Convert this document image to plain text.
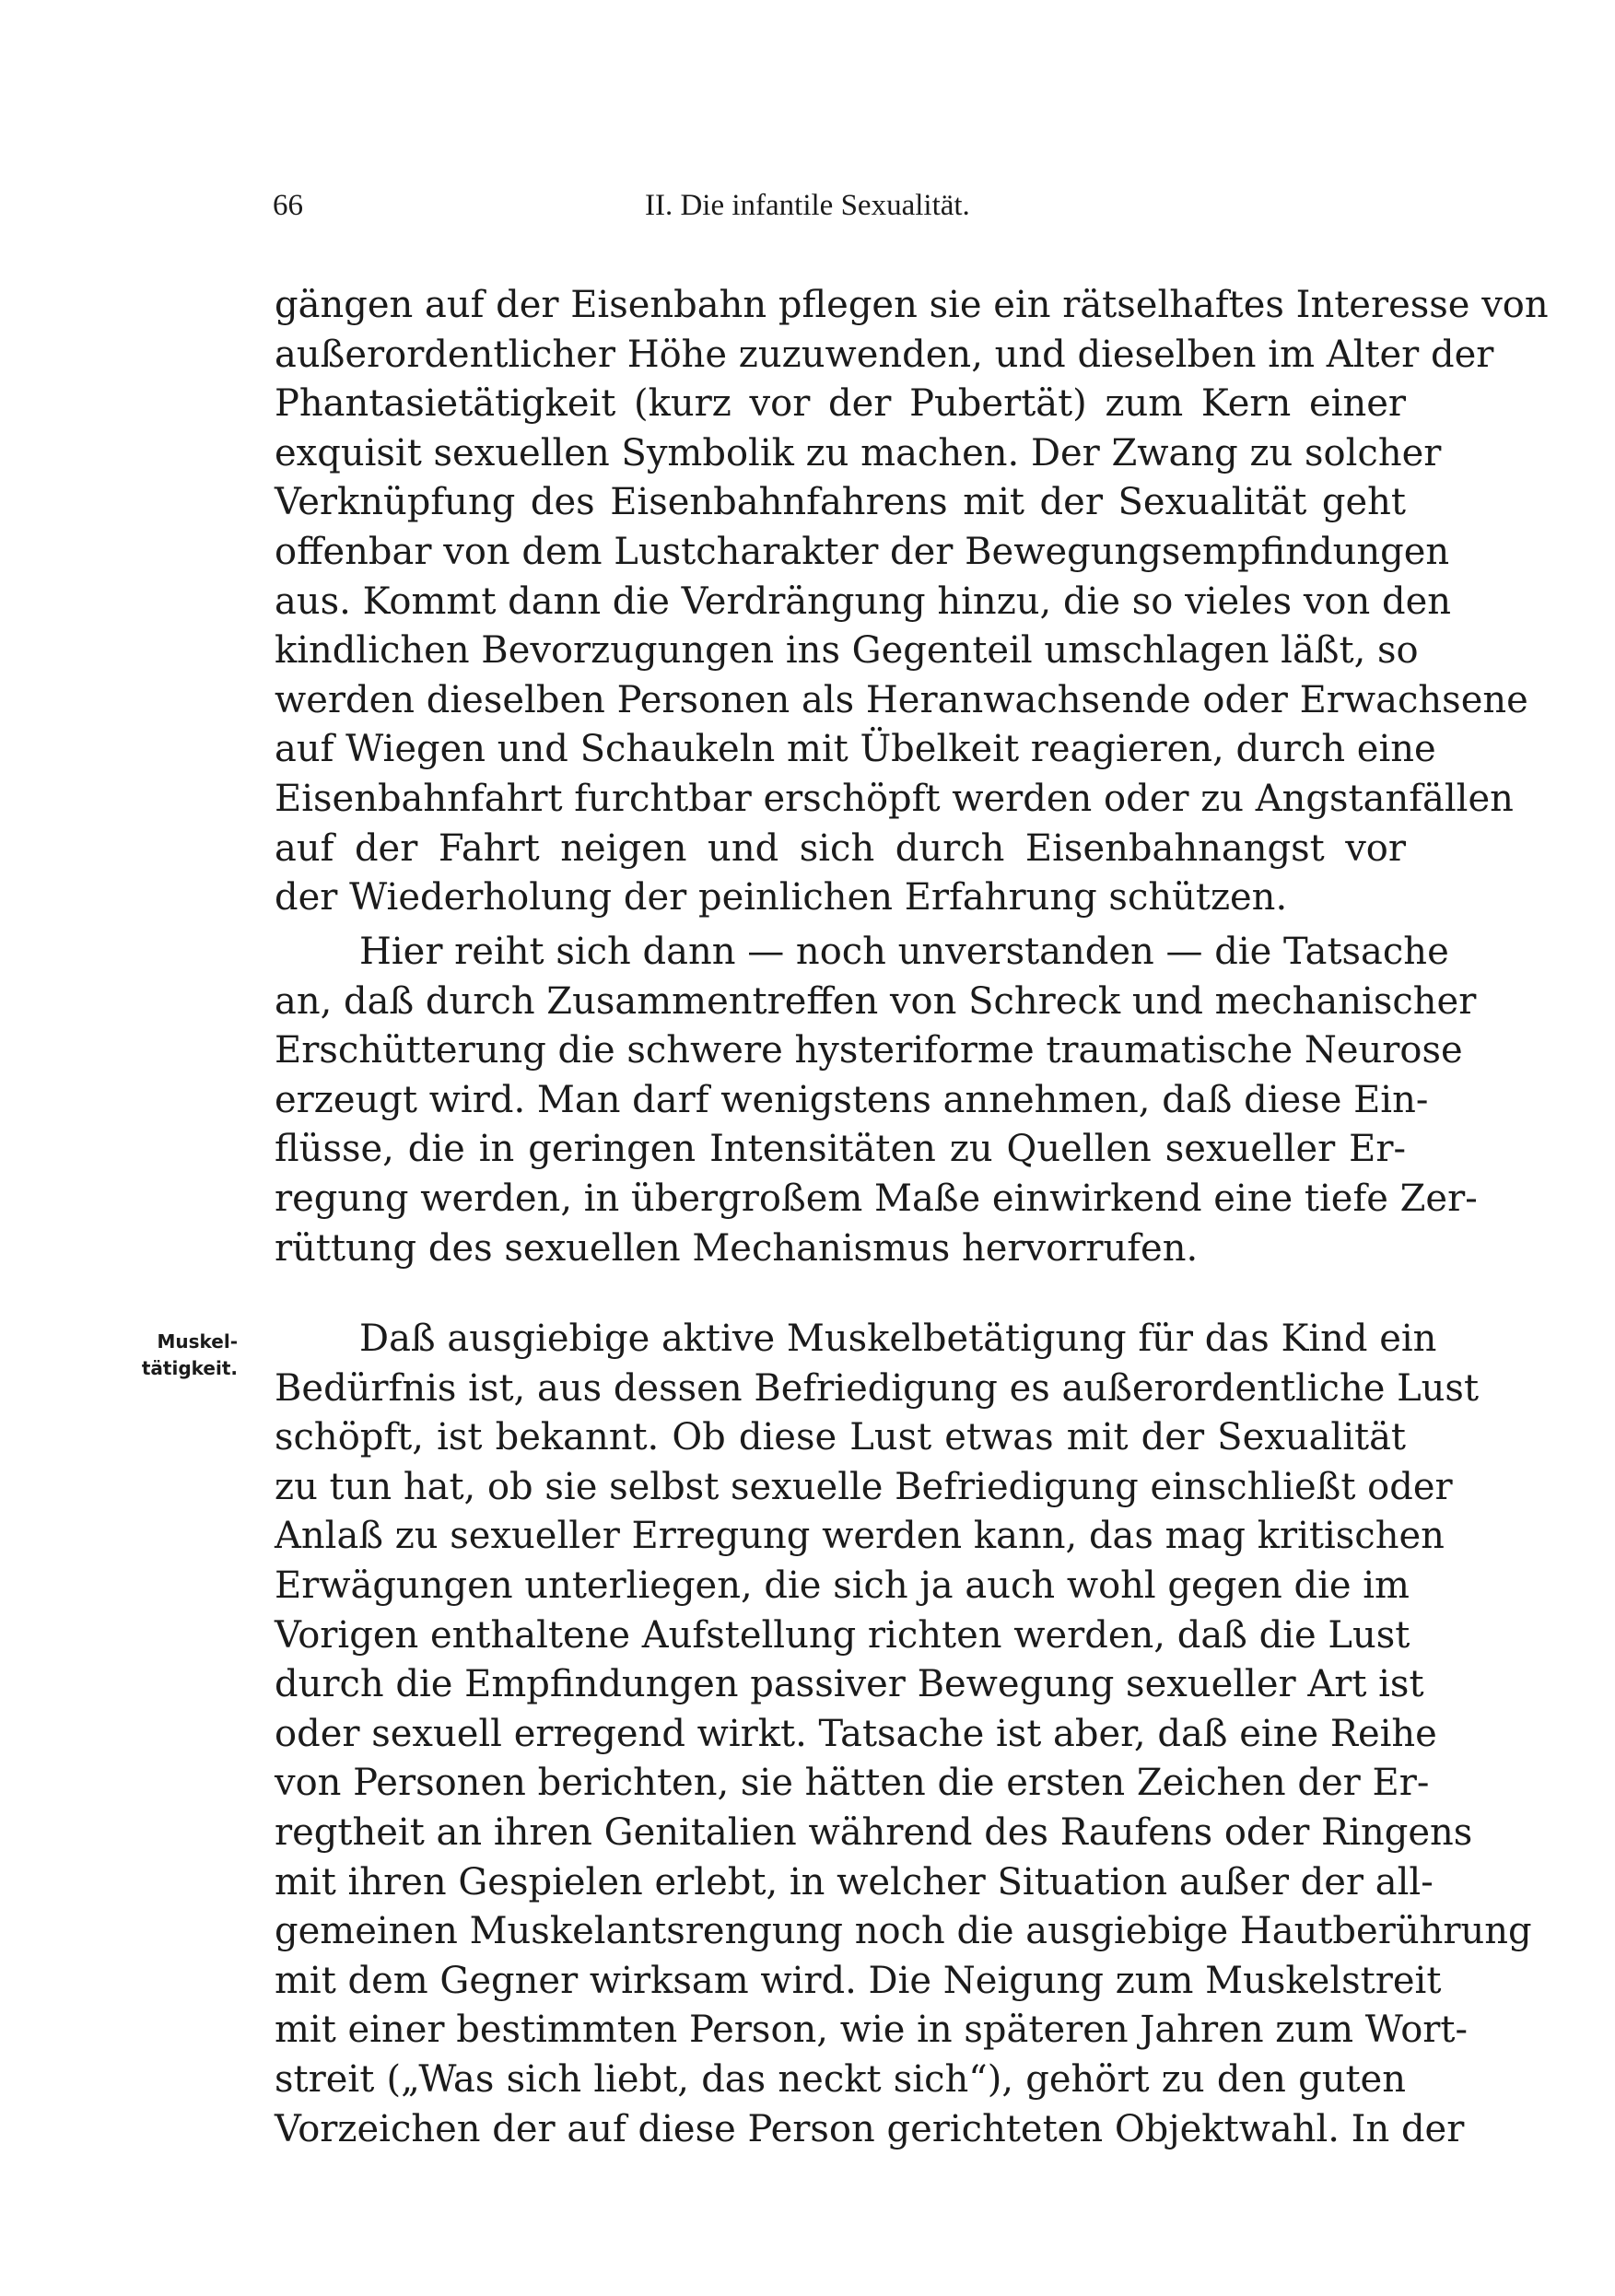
66	II. Die infantile Sexualität.
Muskel-
tätigkeit.
gängen auf der Eisenbahn pflegen sie ein rätselhaftes Interesse von
außerordentlicher Höhe zuzuwenden, und dieselben im Alter der
Phantasietätigkeit (kurz vor der Pubertät) zum Kern einer
exquisit sexuellen Symbolik zu machen. Der Zwang zu solcher
Verknüpfung des Eisenbahnfahrens mit der Sexualität geht
offenbar von dem Lustcharakter der Bewegungsempfindungen
aus. Kommt dann die Verdrängung hinzu, die so vieles von den
kindlichen Bevorzugungen ins Gegenteil umschlagen läßt, so
werden dieselben Personen als Heranwachsende oder Erwachsene
auf Wiegen und Schaukeln mit Übelkeit reagieren, durch eine
Eisenbahnfahrt furchtbar erschöpft werden oder zu Angstanfällen
auf der Fahrt neigen und sich durch Eisenbahnangst vor
der Wiederholung der peinlichen Erfahrung schützen.
Hier reiht sich dann — noch unverstanden — die Tatsache
an, daß durch Zusammentreffen von Schreck und mechanischer
Erschütterung die schwere hysteriforme traumatische Neurose
erzeugt wird. Man darf wenigstens annehmen, daß diese Ein-
flüsse, die in geringen Intensitäten zu Quellen sexueller Er-
regung werden, in übergroßem Maße einwirkend eine tiefe Zer-
rüttung des sexuellen Mechanismus hervorrufen.
Daß ausgiebige aktive Muskelbetätigung für das Kind ein
Bedürfnis ist, aus dessen Befriedigung es außerordentliche Lust
schöpft, ist bekannt. Ob diese Lust etwas mit der Sexualität
zu tun hat, ob sie selbst sexuelle Befriedigung einschließt oder
Anlaß zu sexueller Erregung werden kann, das mag kritischen
Erwägungen unterliegen, die sich ja auch wohl gegen die im
Vorigen enthaltene Aufstellung richten werden, daß die Lust
durch die Empfindungen passiver Bewegung sexueller Art ist
oder sexuell erregend wirkt. Tatsache ist aber, daß eine Reihe
von Personen berichten, sie hätten die ersten Zeichen der Er-
regtheit an ihren Genitalien während des Raufens oder Ringens
mit ihren Gespielen erlebt, in welcher Situation außer der all-
gemeinen Muskelantsrengung noch die ausgiebige Hautberührung
mit dem Gegner wirksam wird. Die Neigung zum Muskelstreit
mit einer bestimmten Person, wie in späteren Jahren zum Wort-
streit („Was sich liebt, das neckt sich“), gehört zu den guten
Vorzeichen der auf diese Person gerichteten Objektwahl. In der
